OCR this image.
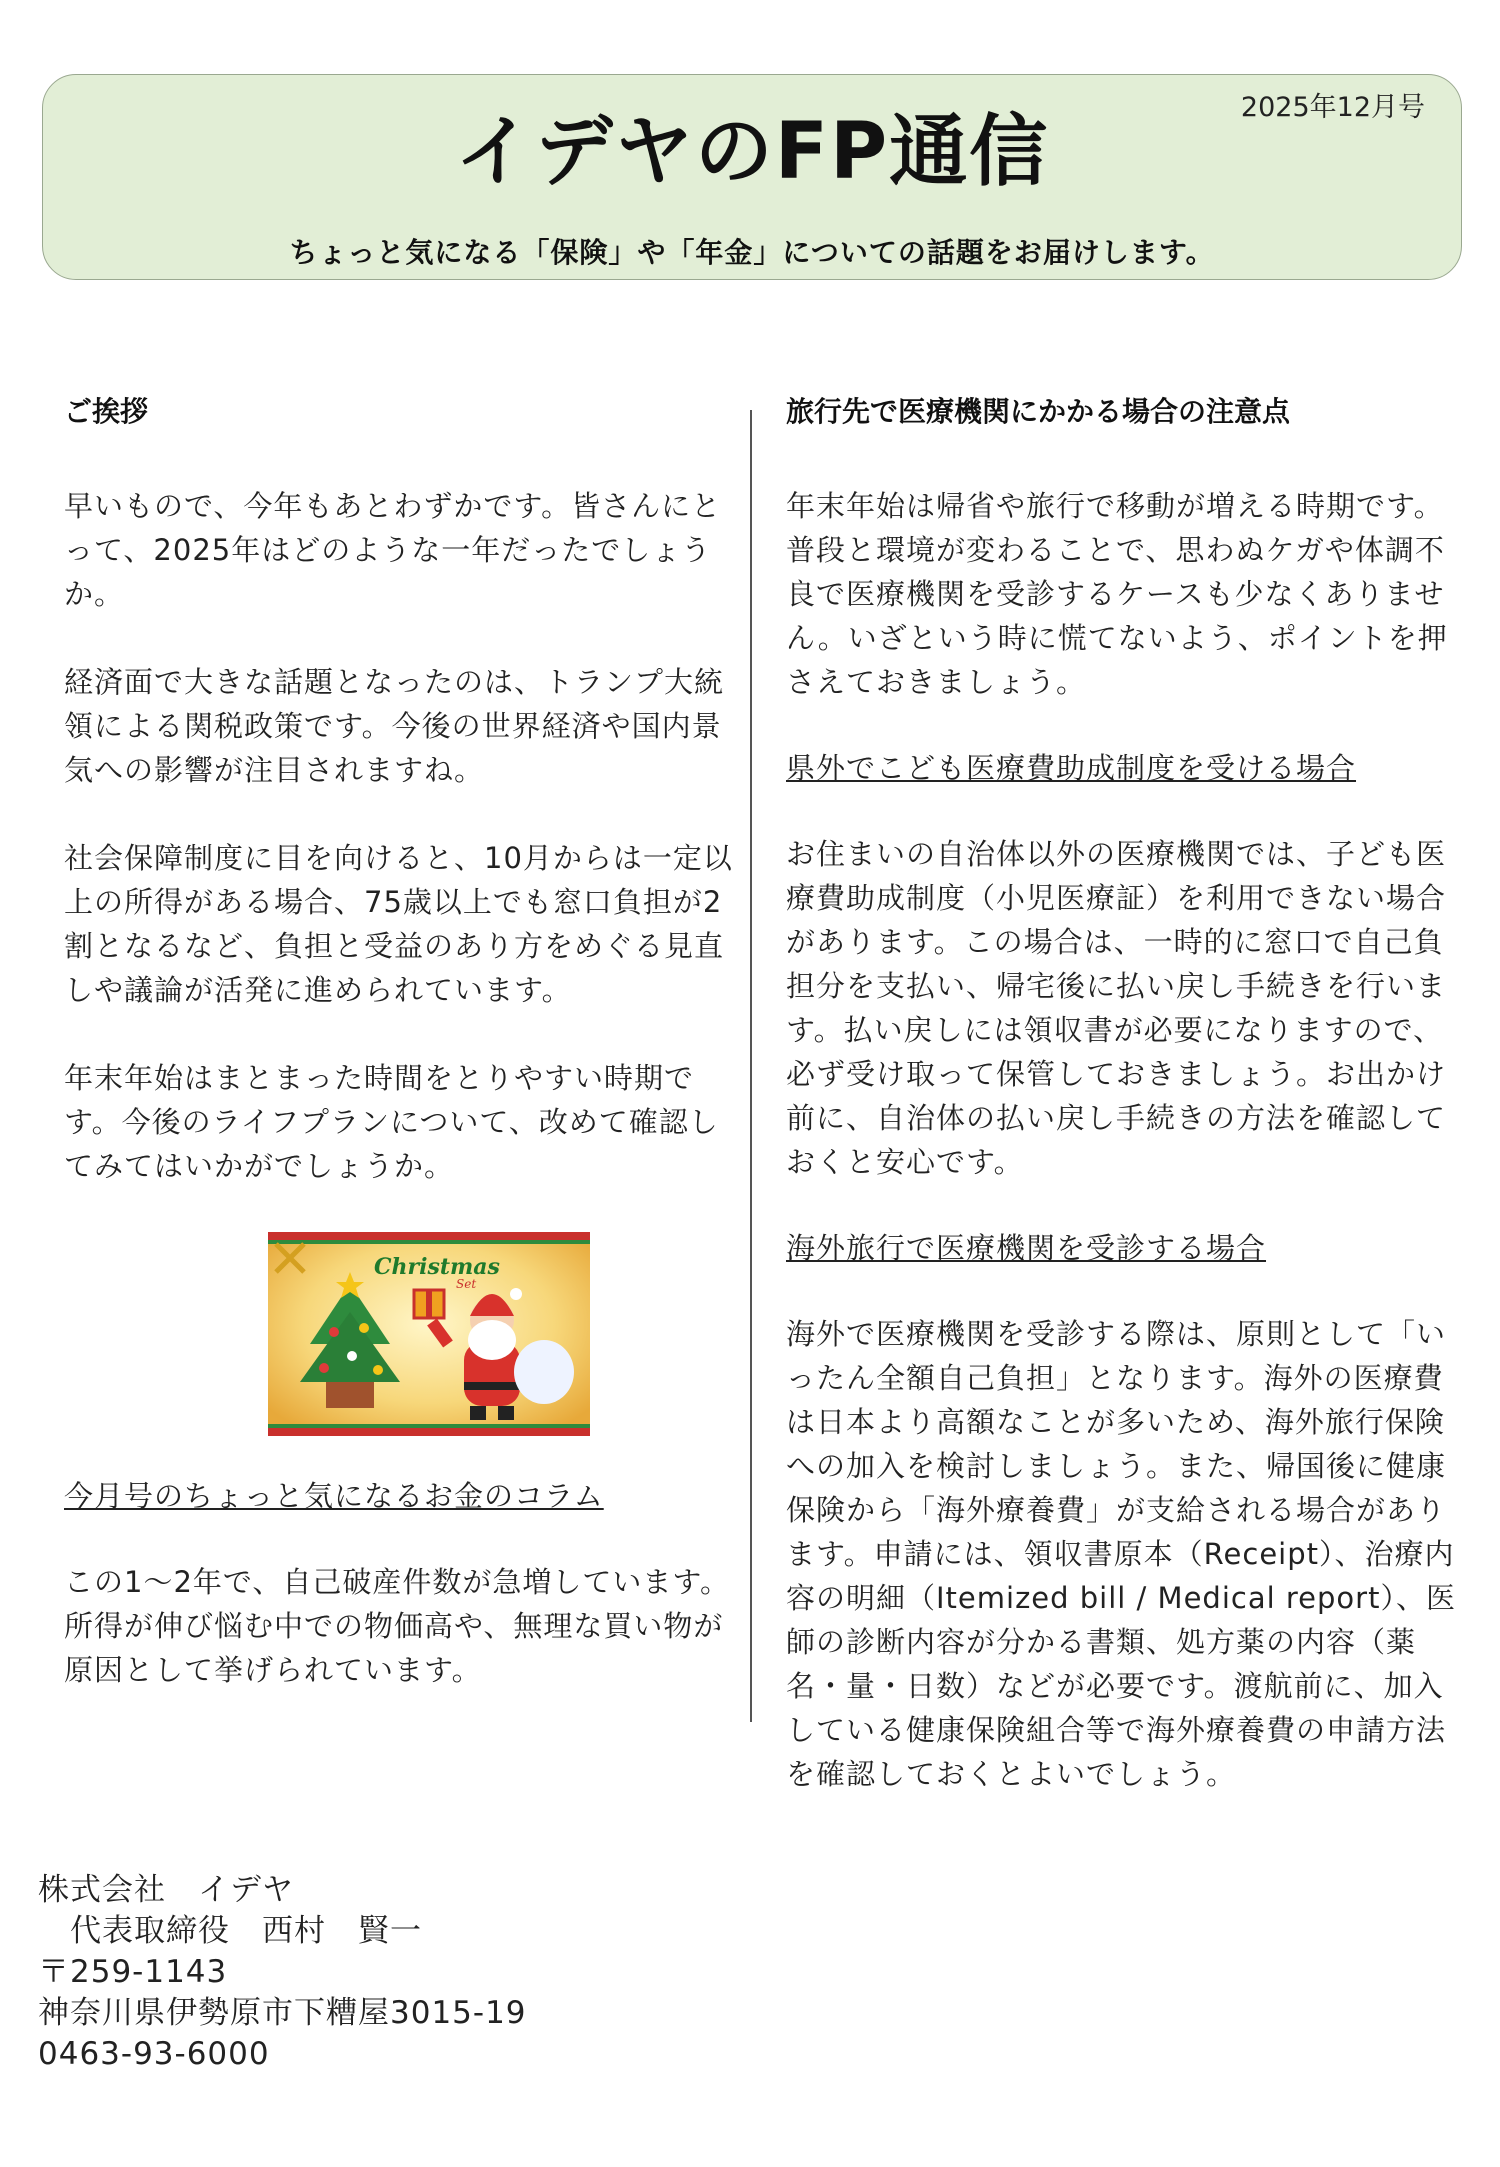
2025年12月号
イデヤのFP通信
ちょっと気になる「保険」や「年金」についての話題をお届けします。
ご挨拶

早いもので、今年もあとわずかです。皆さんにとって、2025年はどのような一年だったでしょうか。

経済面で大きな話題となったのは、トランプ大統領による関税政策です。今後の世界経済や国内景気への影響が注目されますね。

社会保障制度に目を向けると、10月からは一定以上の所得がある場合、75歳以上でも窓口負担が2割となるなど、負担と受益のあり方をめぐる見直しや議論が活発に進められています。

年末年始はまとまった時間をとりやすい時期です。今後のライフプランについて、改めて確認してみてはいかがでしょうか。

Christmas
Set
今月号のちょっと気になるお金のコラム

この1～2年で、自己破産件数が急増しています。所得が伸び悩む中での物価高や、無理な買い物が原因として挙げられています。

旅行先で医療機関にかかる場合の注意点

年末年始は帰省や旅行で移動が増える時期です。普段と環境が変わることで、思わぬケガや体調不良で医療機関を受診するケースも少なくありません。いざという時に慌てないよう、ポイントを押さえておきましょう。

県外でこども医療費助成制度を受ける場合

お住まいの自治体以外の医療機関では、子ども医療費助成制度（小児医療証）を利用できない場合があります。この場合は、一時的に窓口で自己負担分を支払い、帰宅後に払い戻し手続きを行います。払い戻しには領収書が必要になりますので、必ず受け取って保管しておきましょう。お出かけ前に、自治体の払い戻し手続きの方法を確認しておくと安心です。

海外旅行で医療機関を受診する場合

海外で医療機関を受診する際は、原則として「いったん全額自己負担」となります。海外の医療費は日本より高額なことが多いため、海外旅行保険への加入を検討しましょう。また、帰国後に健康保険から「海外療養費」が支給される場合があります。申請には、領収書原本（Receipt）、治療内容の明細（Itemized bill / Medical report）、医師の診断内容が分かる書類、処方薬の内容（薬名・量・日数）などが必要です。渡航前に、加入している健康保険組合等で海外療養費の申請方法を確認しておくとよいでしょう。

株式会社　イデヤ
　代表取締役　西村　賢一
〒259-1143
神奈川県伊勢原市下糟屋3015-19
0463-93-6000
